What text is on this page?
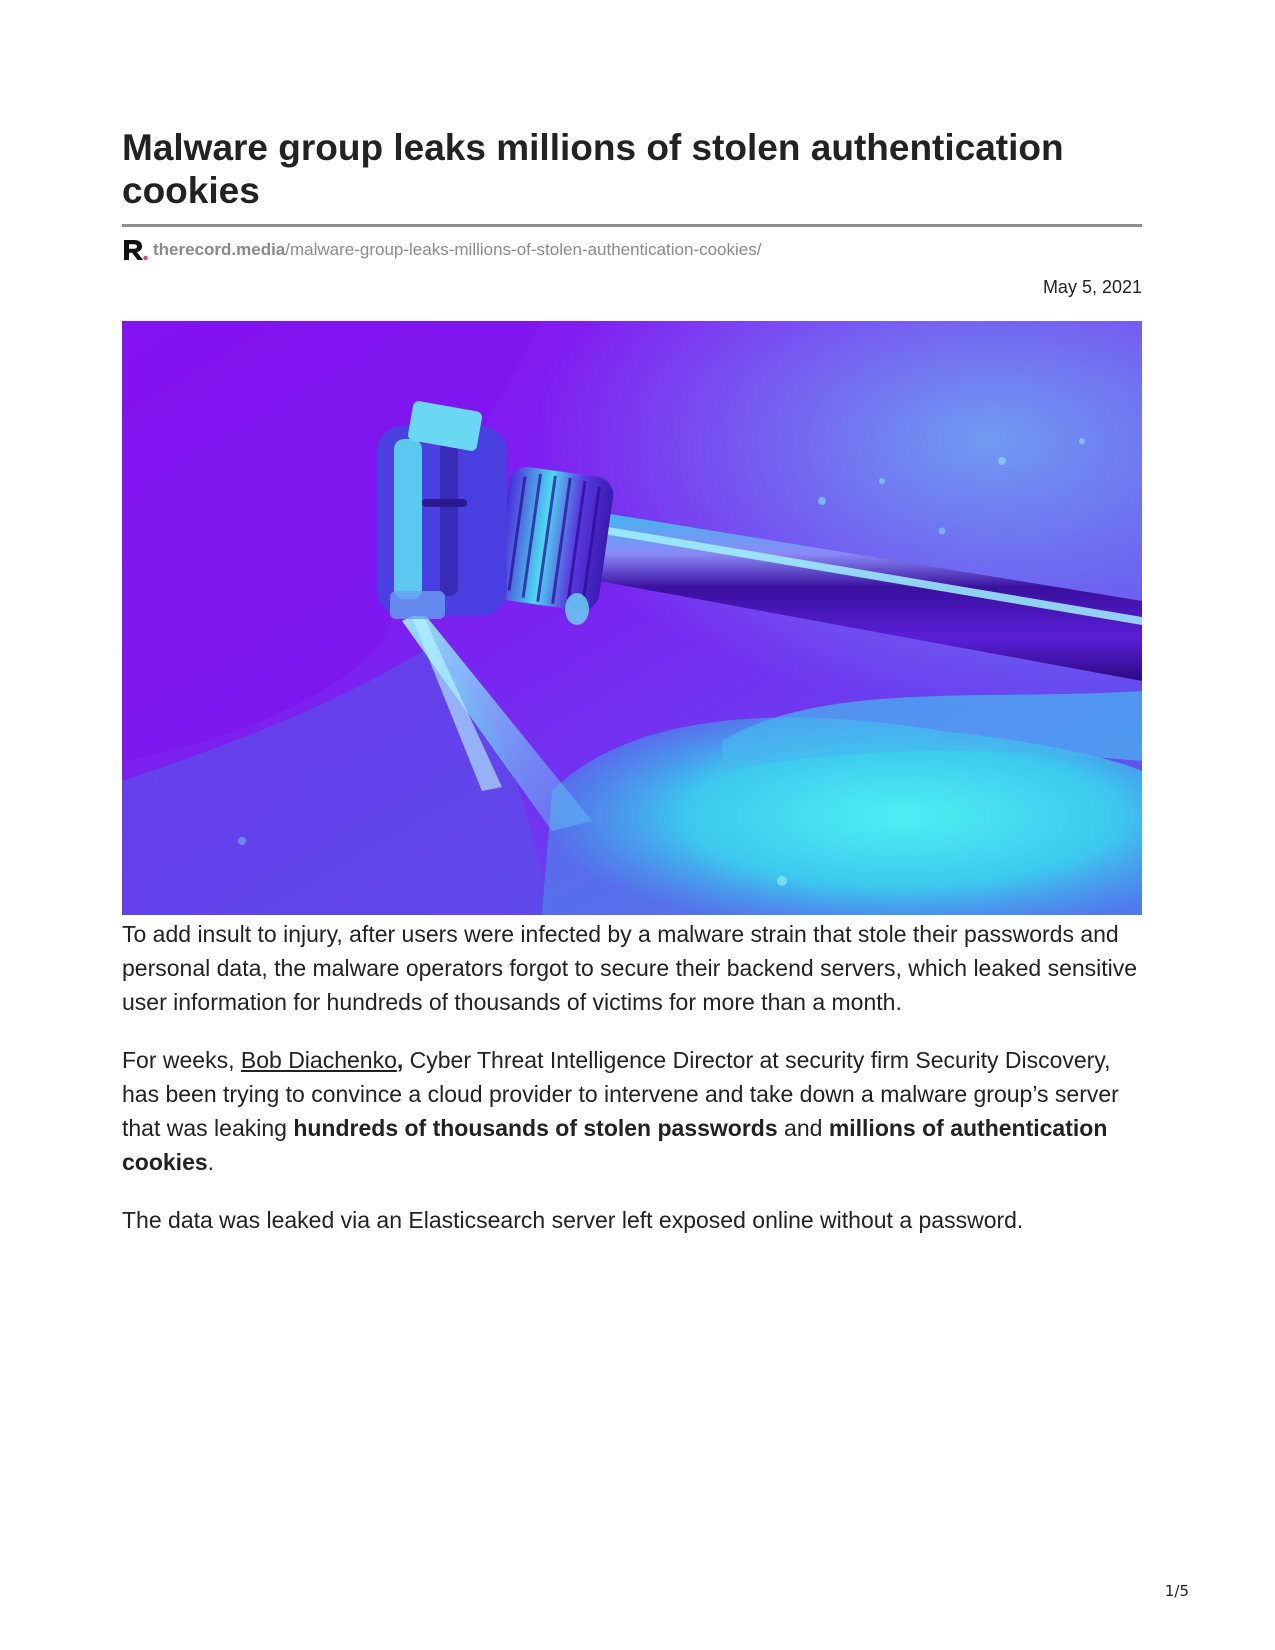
Malware group leaks millions of stolen authentication cookies
therecord.media /malware-group-leaks-millions-of-stolen-authentication-cookies/
May 5, 2021

To add insult to injury, after users were infected by a malware strain that stole their passwords and personal data, the malware operators forgot to secure their backend servers, which leaked sensitive user information for hundreds of thousands of victims for more than a month.

For weeks, Bob Diachenko, Cyber Threat Intelligence Director at security firm Security Discovery, has been trying to convince a cloud provider to intervene and take down a malware group’s server that was leaking hundreds of thousands of stolen passwords and millions of authentication cookies.

The data was leaked via an Elasticsearch server left exposed online without a password.

1/5
